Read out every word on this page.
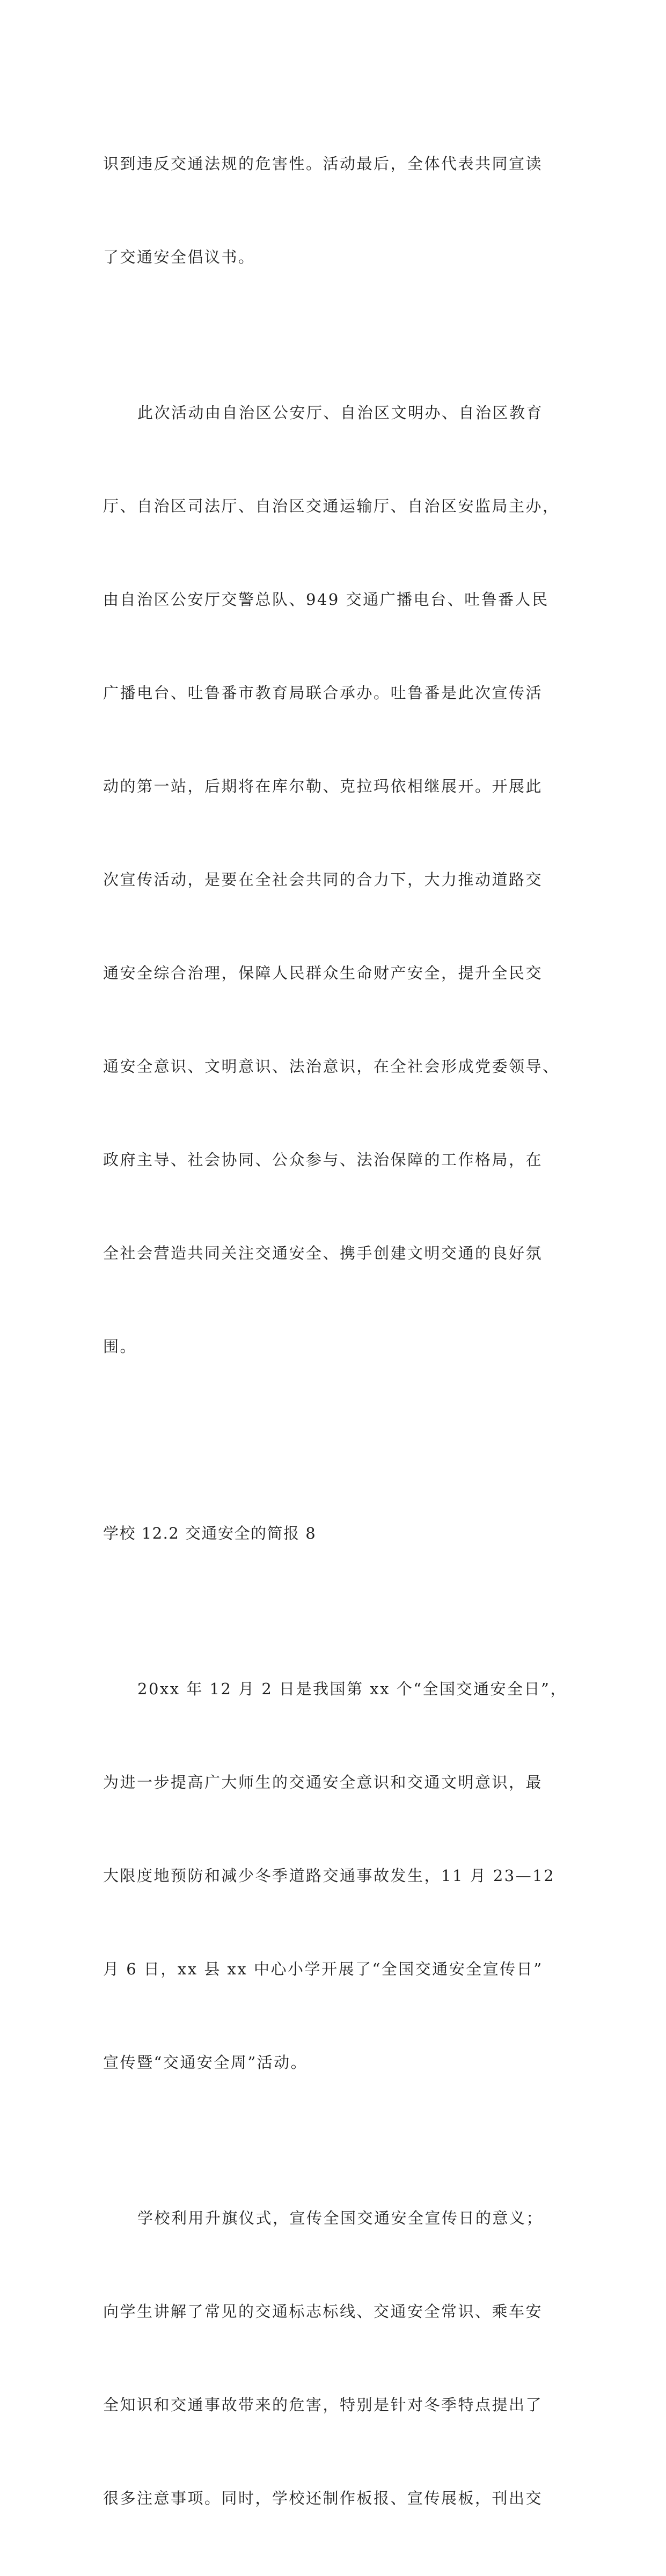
识到违反交通法规的危害性。活动最后，全体代表共同宣读

了交通安全倡议书。

此次活动由自治区公安厅、自治区文明办、自治区教育

厅、自治区司法厅、自治区交通运输厅、自治区安监局主办，

由自治区公安厅交警总队、949 交通广播电台、吐鲁番人民

广播电台、吐鲁番市教育局联合承办。吐鲁番是此次宣传活

动的第一站，后期将在库尔勒、克拉玛依相继展开。开展此

次宣传活动，是要在全社会共同的合力下，大力推动道路交

通安全综合治理，保障人民群众生命财产安全，提升全民交

通安全意识、文明意识、法治意识，在全社会形成党委领导、

政府主导、社会协同、公众参与、法治保障的工作格局，在

全社会营造共同关注交通安全、携手创建文明交通的良好氛

围。

学校 12.2 交通安全的简报 8

20xx 年 12 月 2 日是我国第 xx 个“全国交通安全日”，

为进一步提高广大师生的交通安全意识和交通文明意识，最

大限度地预防和减少冬季道路交通事故发生，11 月 23—12

月 6 日，xx 县 xx 中心小学开展了“全国交通安全宣传日”

宣传暨“交通安全周”活动。

学校利用升旗仪式，宣传全国交通安全宣传日的意义；

向学生讲解了常见的交通标志标线、交通安全常识、乘车安

全知识和交通事故带来的危害，特别是针对冬季特点提出了

很多注意事项。同时，学校还制作板报、宣传展板，刊出交
